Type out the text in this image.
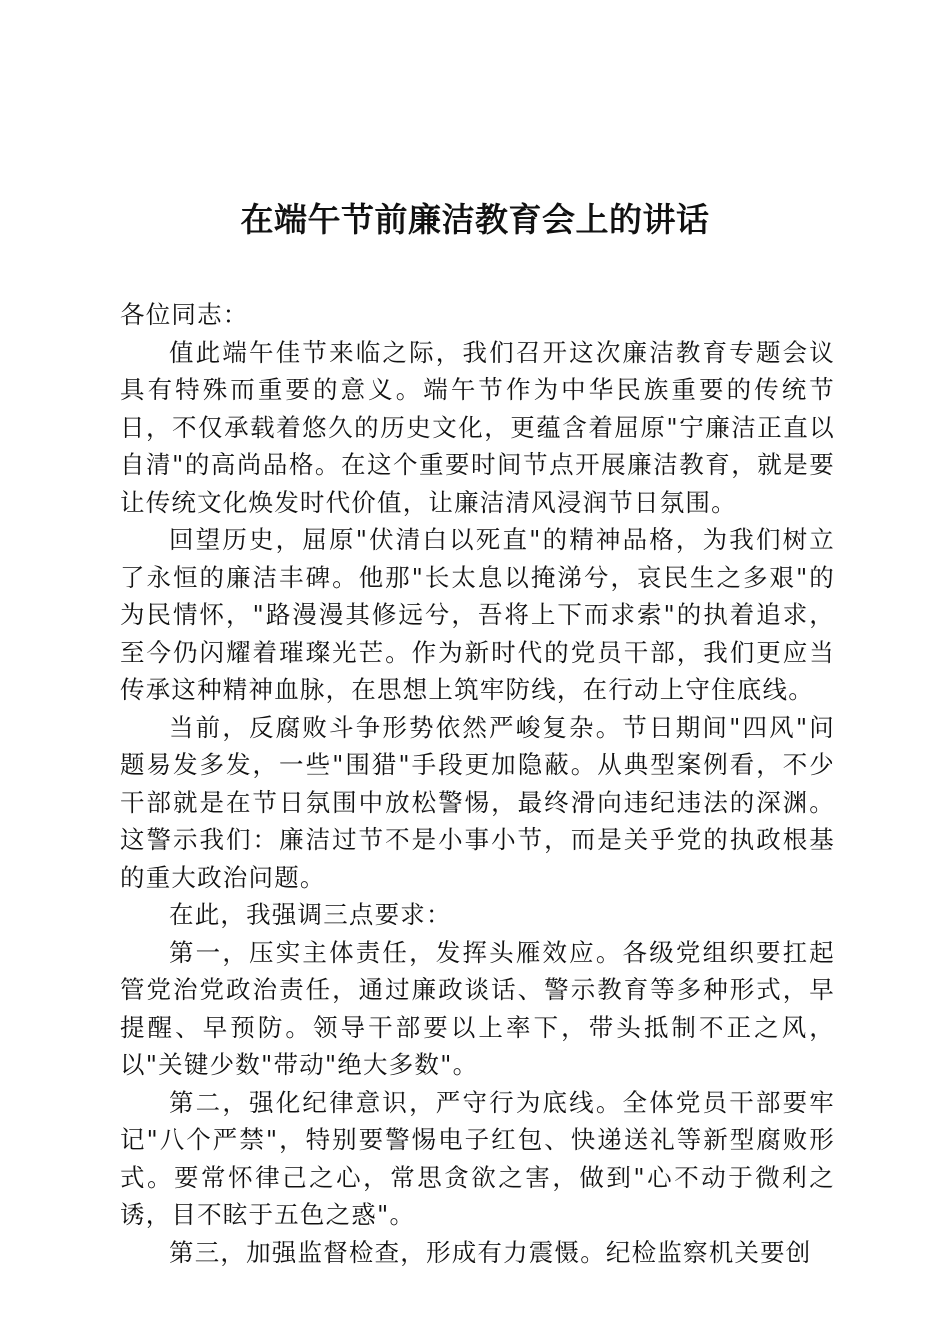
在端午节前廉洁教育会上的讲话

各位同志：

值此端午佳节来临之际，我们召开这次廉洁教育专题会议具有特殊而重要的意义。端午节作为中华民族重要的传统节日，不仅承载着悠久的历史文化，更蕴含着屈原"宁廉洁正直以自清"的高尚品格。在这个重要时间节点开展廉洁教育，就是要让传统文化焕发时代价值，让廉洁清风浸润节日氛围。

回望历史，屈原"伏清白以死直"的精神品格，为我们树立了永恒的廉洁丰碑。他那"长太息以掩涕兮，哀民生之多艰"的为民情怀，"路漫漫其修远兮，吾将上下而求索"的执着追求，至今仍闪耀着璀璨光芒。作为新时代的党员干部，我们更应当传承这种精神血脉，在思想上筑牢防线，在行动上守住底线。

当前，反腐败斗争形势依然严峻复杂。节日期间"四风"问题易发多发，一些"围猎"手段更加隐蔽。从典型案例看，不少干部就是在节日氛围中放松警惕，最终滑向违纪违法的深渊。这警示我们：廉洁过节不是小事小节，而是关乎党的执政根基的重大政治问题。

在此，我强调三点要求：

第一，压实主体责任，发挥头雁效应。各级党组织要扛起管党治党政治责任，通过廉政谈话、警示教育等多种形式，早提醒、早预防。领导干部要以上率下，带头抵制不正之风，以"关键少数"带动"绝大多数"。

第二，强化纪律意识，严守行为底线。全体党员干部要牢记"八个严禁"，特别要警惕电子红包、快递送礼等新型腐败形式。要常怀律己之心，常思贪欲之害，做到"心不动于微利之诱，目不眩于五色之惑"。

第三，加强监督检查，形成有力震慑。纪检监察机关要创
